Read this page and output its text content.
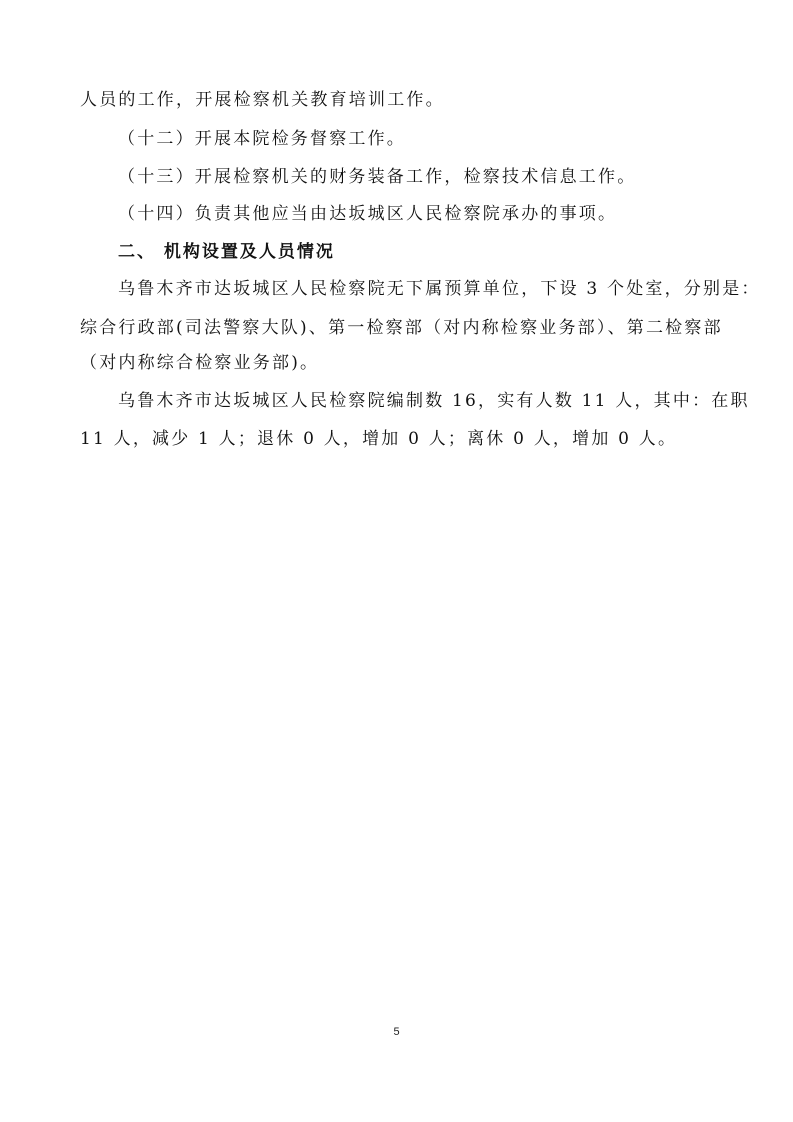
人员的工作，开展检察机关教育培训工作。
（十二）开展本院检务督察工作。
（十三）开展检察机关的财务装备工作，检察技术信息工作。
（十四）负责其他应当由达坂城区人民检察院承办的事项。
二、 机构设置及人员情况
乌鲁木齐市达坂城区人民检察院无下属预算单位，下设 3 个处室，分别是：
综合行政部(司法警察大队)、第一检察部（对内称检察业务部）、第二检察部
（对内称综合检察业务部)。
乌鲁木齐市达坂城区人民检察院编制数 16，实有人数 11 人，其中：在职
11 人，减少 1 人；退休 0 人，增加 0 人；离休 0 人，增加 0 人。
5
